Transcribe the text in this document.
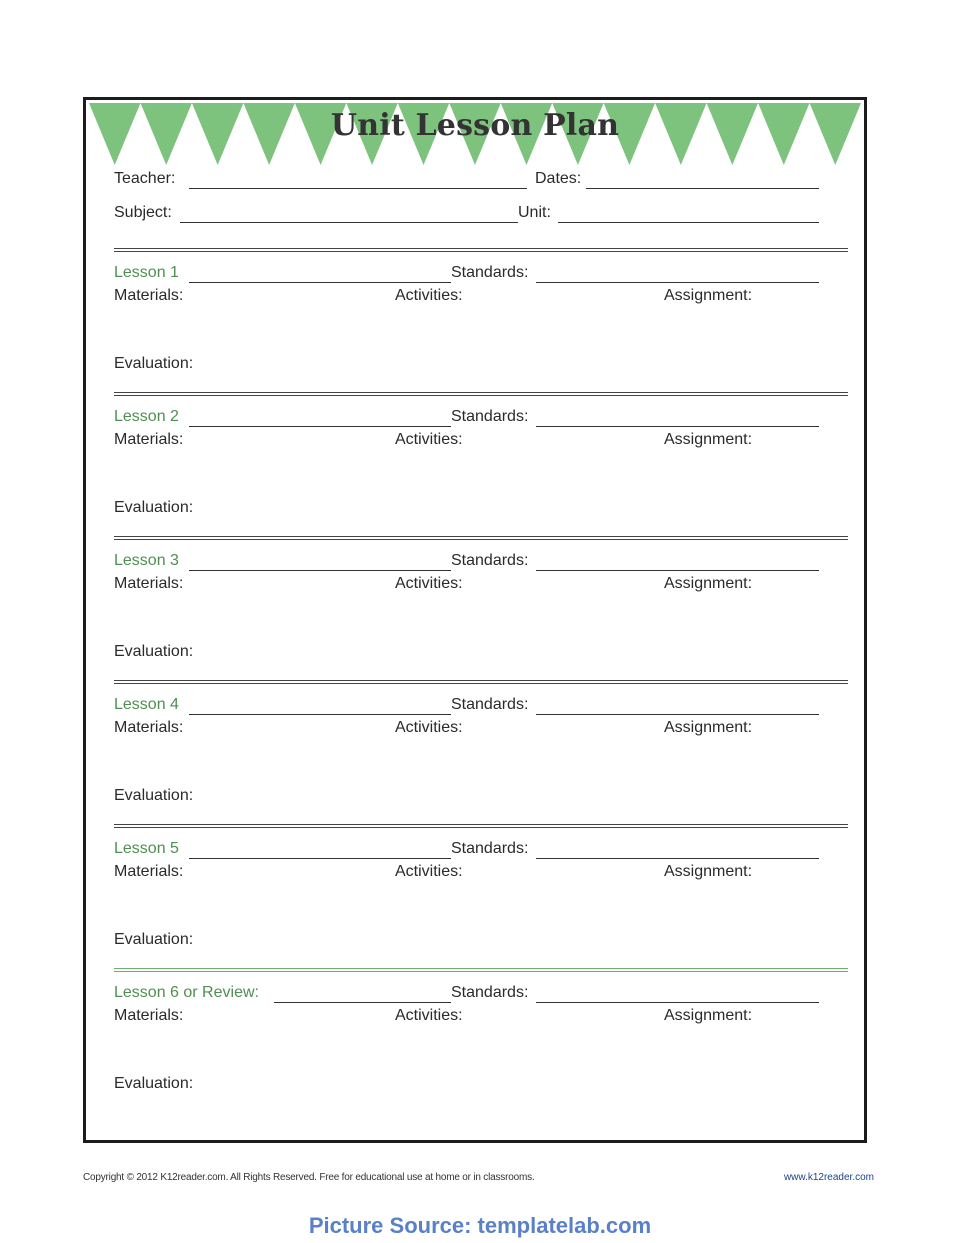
Unit Lesson Plan
Teacher:	Dates:
Subject:	Unit:
Lesson 1	Standards:
Materials:	Activities:	Assignment:
Evaluation:
Lesson 2	Standards:
Materials:	Activities:	Assignment:
Evaluation:
Lesson 3	Standards:
Materials:	Activities:	Assignment:
Evaluation:
Lesson 4	Standards:
Materials:	Activities:	Assignment:
Evaluation:
Lesson 5	Standards:
Materials:	Activities:	Assignment:
Evaluation:
Lesson 6 or Review:	Standards:
Materials:	Activities:	Assignment:
Evaluation:
Copyright © 2012 K12reader.com. All Rights Reserved. Free for educational use at home or in classrooms.	www.k12reader.com
Picture Source: templatelab.com
